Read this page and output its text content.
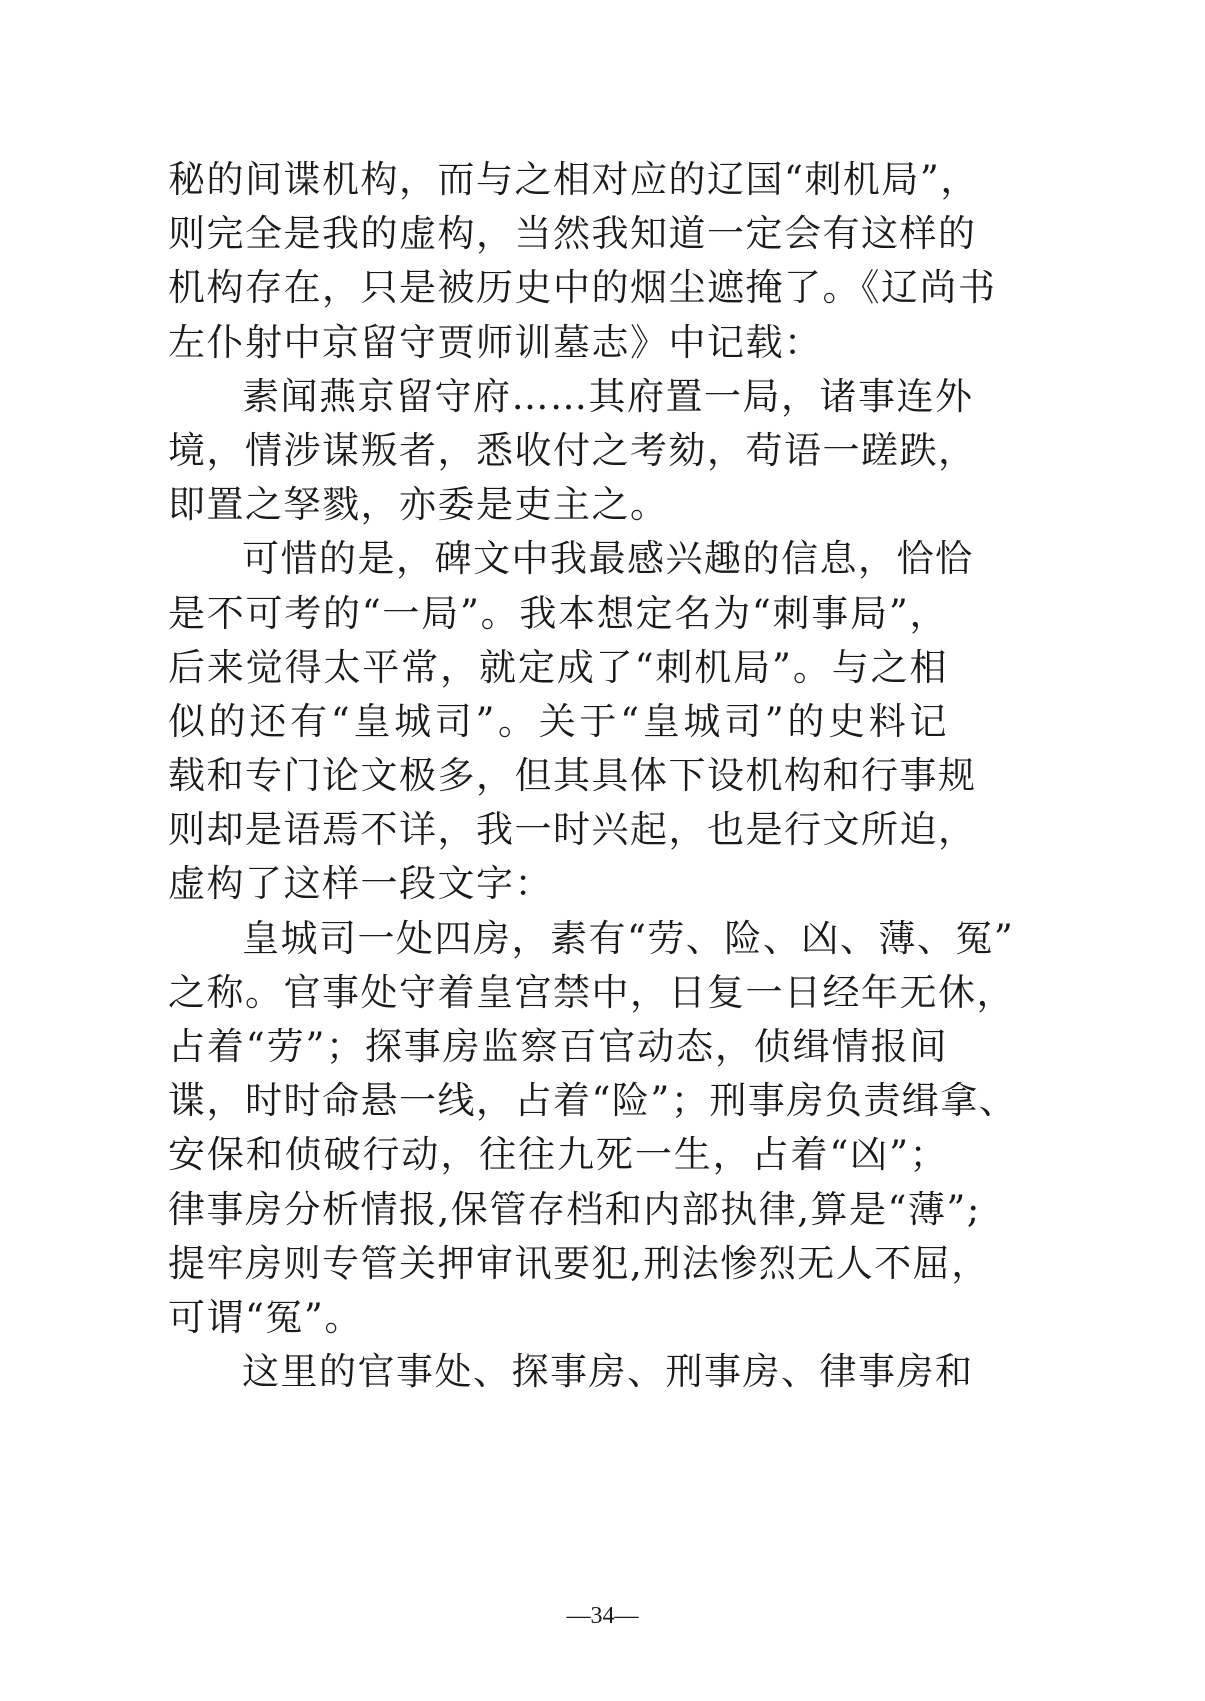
秘的间谍机构，而与之相对应的辽国“刺机局”，
则完全是我的虚构，当然我知道一定会有这样的
机构存在，只是被历史中的烟尘遮掩了。《辽尚书
左仆射中京留守贾师训墓志》中记载：
素闻燕京留守府……其府置一局，诸事连外
境，情涉谋叛者，悉收付之考劾，苟语一蹉跌，
即置之孥戮，亦委是吏主之。
可惜的是，碑文中我最感兴趣的信息，恰恰
是不可考的“一局”。我本想定名为“刺事局”，
后来觉得太平常，就定成了“刺机局”。与之相
似的还有“皇城司”。关于“皇城司”的史料记
载和专门论文极多，但其具体下设机构和行事规
则却是语焉不详，我一时兴起，也是行文所迫，
虚构了这样一段文字：
皇城司一处四房，素有“劳、险、凶、薄、冤”
之称。官事处守着皇宫禁中，日复一日经年无休，
占着“劳”；探事房监察百官动态，侦缉情报间
谍，时时命悬一线，占着“险”；刑事房负责缉拿、
安保和侦破行动，往往九死一生，占着“凶”；
律事房分析情报,保管存档和内部执律,算是“薄”;
提牢房则专管关押审讯要犯,刑法惨烈无人不屈，
可谓“冤”。
这里的官事处、探事房、刑事房、律事房和
—34—
